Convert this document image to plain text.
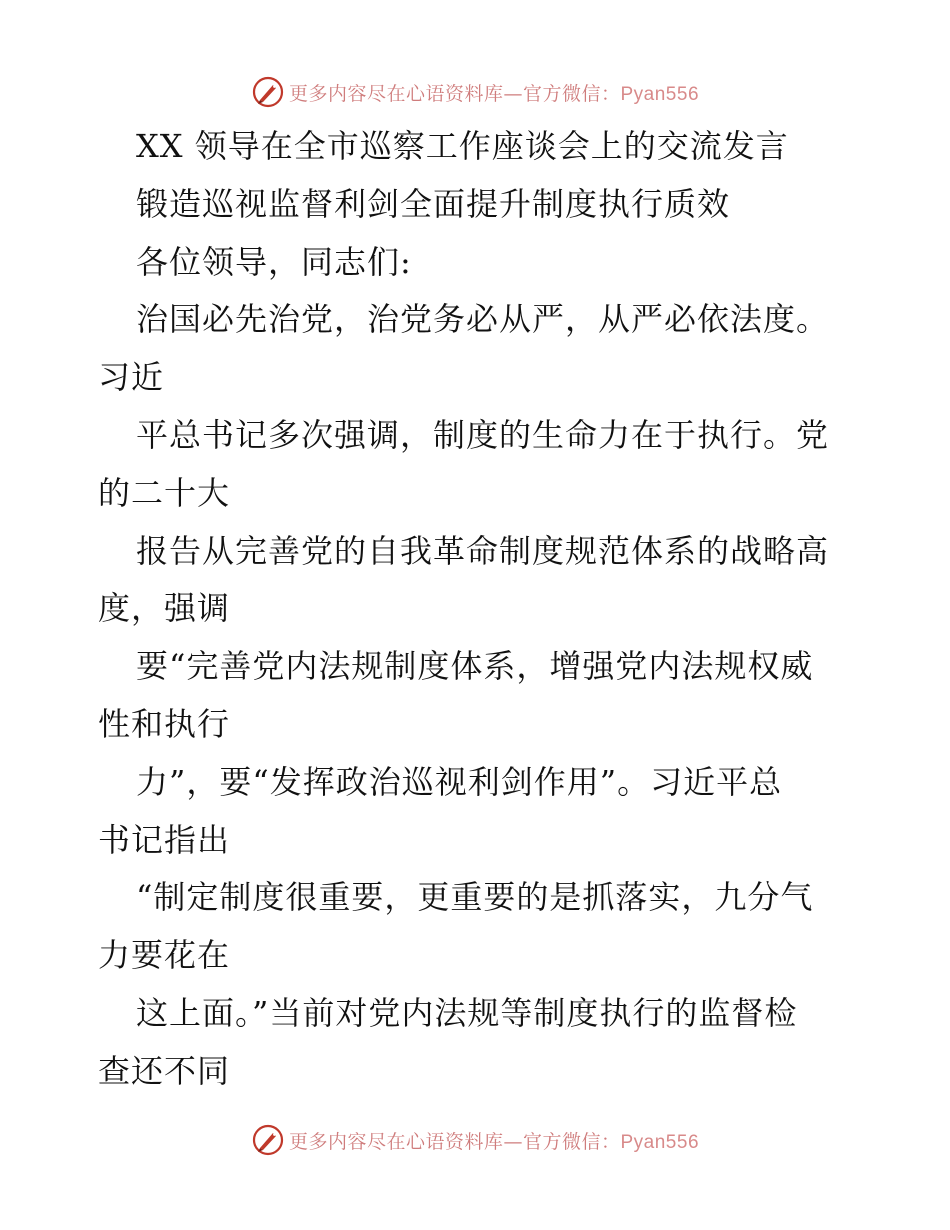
更多内容尽在心语资料库—官方微信：Pyan556
XX 领导在全市巡察工作座谈会上的交流发言
锻造巡视监督利剑全面提升制度执行质效
各位领导，同志们:
治国必先治党，治党务必从严，从严必依法度。
习近
平总书记多次强调，制度的生命力在于执行。党
的二十大
报告从完善党的自我革命制度规范体系的战略高
度，强调
要“完善党内法规制度体系，增强党内法规权威
性和执行
力”，要“发挥政治巡视利剑作用”。习近平总
书记指出
“制定制度很重要，更重要的是抓落实，九分气
力要花在
这上面。”当前对党内法规等制度执行的监督检
查还不同
更多内容尽在心语资料库—官方微信：Pyan556
